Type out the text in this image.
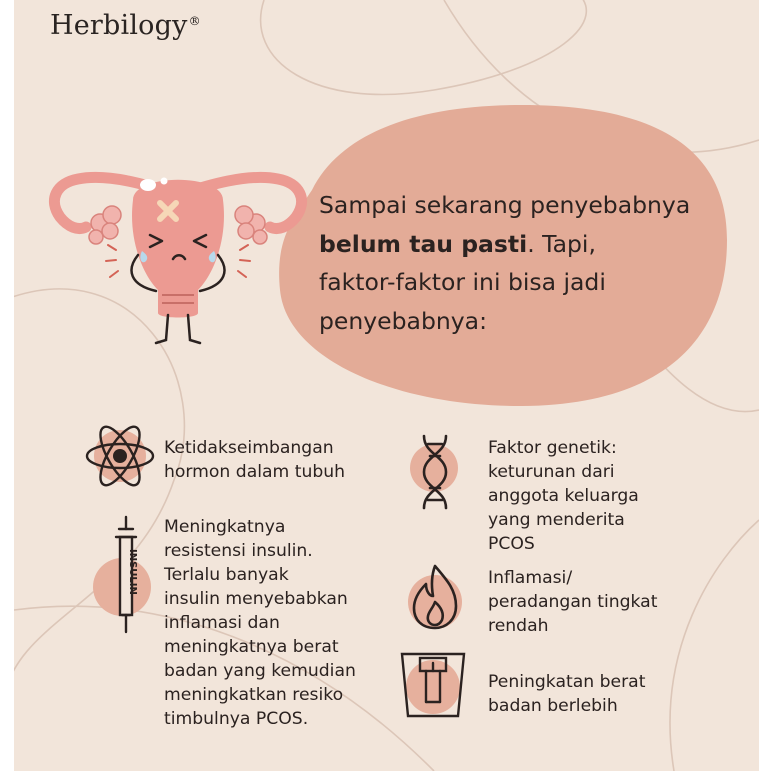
Herbilogy®
Sampai sekarang penyebabnya
belum tau pasti. Tapi,
faktor-faktor ini bisa jadi
penyebabnya:
Ketidakseimbangan
hormon dalam tubuh
INSULIN
Meningkatnya
resistensi insulin.
Terlalu banyak
insulin menyebabkan
inflamasi dan
meningkatnya berat
badan yang kemudian
meningkatkan resiko
timbulnya PCOS.
Faktor genetik:
keturunan dari
anggota keluarga
yang menderita
PCOS
Inflamasi/
peradangan tingkat
rendah
Peningkatan berat
badan berlebih
